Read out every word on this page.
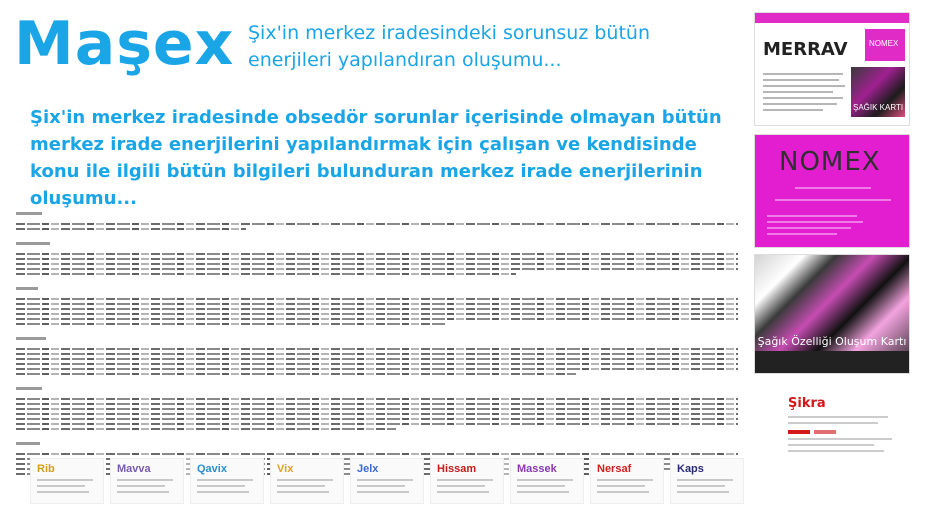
Maşex Şix'in merkez iradesindeki sorunsuz bütün enerjileri yapılandıran oluşumu...
Şix'in merkez iradesinde obsedör sorunlar içerisinde olmayan bütün merkez irade enerjilerini yapılandırmak için çalışan ve kendisinde konu ile ilgili bütün bilgileri bulunduran merkez irade enerjilerinin oluşumu...
Rib	Mavva	Qavix	Vix	Jelx	Hissam	Massek	Nersaf	Kaps
MERRAV	NOMEX
ŞAĞIK KARTI
NOMEX
Şağık Özelliği Oluşum Kartı
Şikra
